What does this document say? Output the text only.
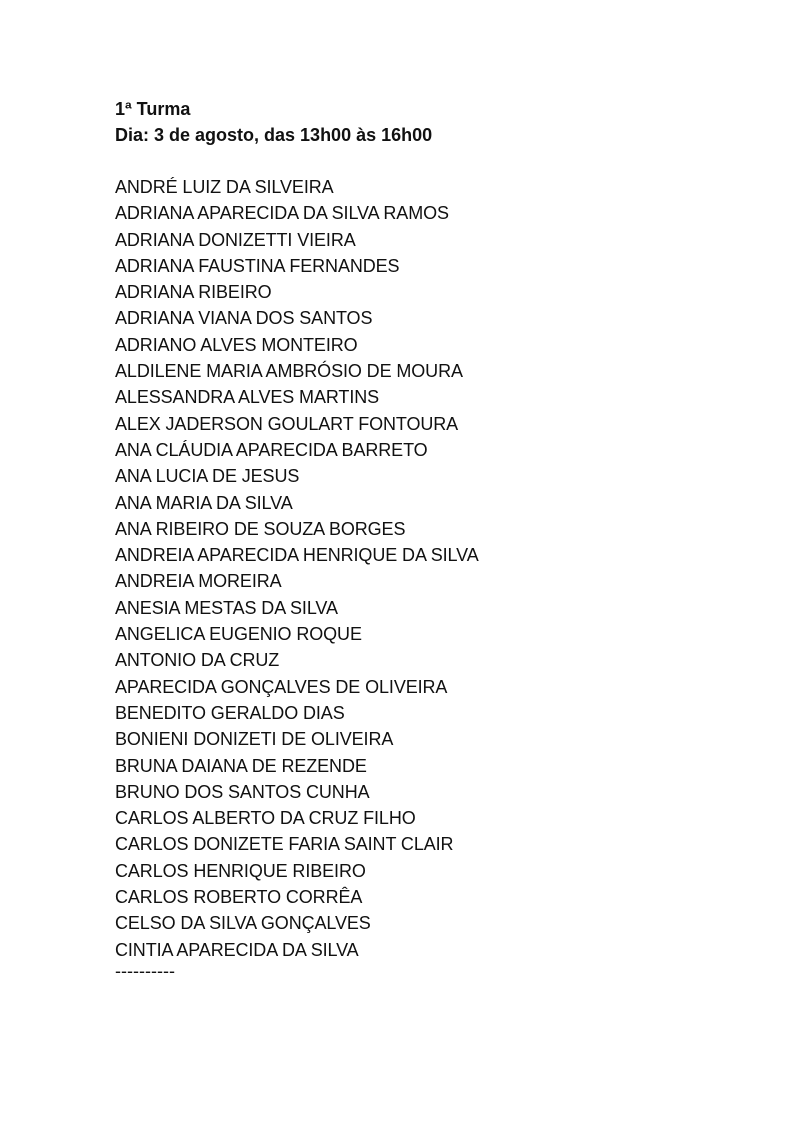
1ª Turma
Dia: 3 de agosto, das 13h00 às 16h00
ANDRÉ LUIZ DA SILVEIRA
ADRIANA APARECIDA DA SILVA RAMOS
ADRIANA DONIZETTI VIEIRA
ADRIANA FAUSTINA FERNANDES
ADRIANA RIBEIRO
ADRIANA VIANA DOS SANTOS
ADRIANO ALVES MONTEIRO
ALDILENE MARIA AMBRÓSIO DE MOURA
ALESSANDRA ALVES MARTINS
ALEX JADERSON GOULART FONTOURA
ANA CLÁUDIA APARECIDA BARRETO
ANA LUCIA DE JESUS
ANA MARIA DA SILVA
ANA RIBEIRO DE SOUZA BORGES
ANDREIA APARECIDA HENRIQUE DA SILVA
ANDREIA MOREIRA
ANESIA MESTAS DA SILVA
ANGELICA EUGENIO ROQUE
ANTONIO DA CRUZ
APARECIDA GONÇALVES DE OLIVEIRA
BENEDITO GERALDO DIAS
BONIENI DONIZETI DE OLIVEIRA
BRUNA DAIANA DE REZENDE
BRUNO DOS SANTOS CUNHA
CARLOS ALBERTO DA CRUZ FILHO
CARLOS DONIZETE FARIA SAINT CLAIR
CARLOS HENRIQUE RIBEIRO
CARLOS ROBERTO CORRÊA
CELSO DA SILVA GONÇALVES
CINTIA APARECIDA DA SILVA
----------
